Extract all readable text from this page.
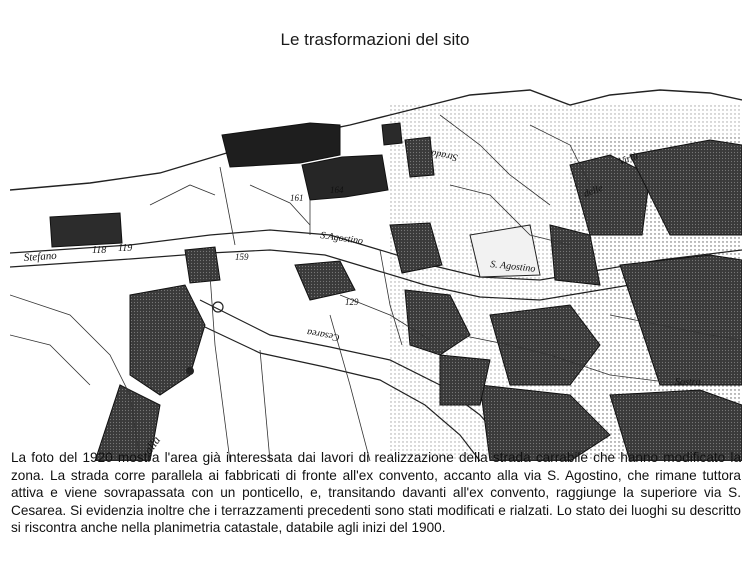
Le trasformazioni del sito
Stefano	118 119
161
164
159
129
S.Agostino
S. Agostino
Strada
Cesarea
delle
Virtù
alla
Sostra
La foto del 1920 mostra l'area già interessata dai lavori di realizzazione della strada carrabile che hanno modificato la zona. La strada corre parallela ai fabbricati di fronte all'ex convento, accanto alla via S. Agostino, che rimane tuttora attiva e viene sovrapassata con un ponticello, e, transitando davanti all'ex convento, raggiunge la superiore via S. Cesarea. Si evidenzia inoltre che i terrazzamenti precedenti sono stati modificati e rialzati. Lo stato dei luoghi su descritto si riscontra anche nella planimetria catastale, databile agli inizi del 1900.
